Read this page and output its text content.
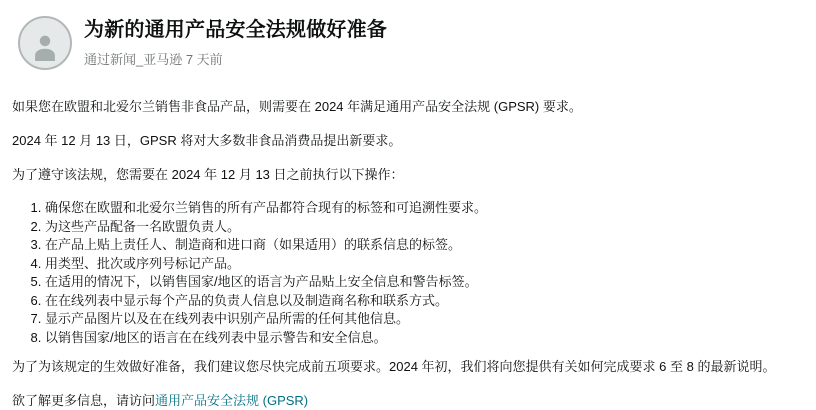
为新的通用产品安全法规做好准备
通过新闻_亚马逊 7 天前

如果您在欧盟和北爱尔兰销售非食品产品，则需要在 2024 年满足通用产品安全法规 (GPSR) 要求。

2024 年 12 月 13 日，GPSR 将对大多数非食品消费品提出新要求。

为了遵守该法规，您需要在 2024 年 12 月 13 日之前执行以下操作：

1. 确保您在欧盟和北爱尔兰销售的所有产品都符合现有的标签和可追溯性要求。
2. 为这些产品配备一名欧盟负责人。
3. 在产品上贴上责任人、制造商和进口商（如果适用）的联系信息的标签。
4. 用类型、批次或序列号标记产品。
5. 在适用的情况下，以销售国家/地区的语言为产品贴上安全信息和警告标签。
6. 在在线列表中显示每个产品的负责人信息以及制造商名称和联系方式。
7. 显示产品图片以及在在线列表中识别产品所需的任何其他信息。
8. 以销售国家/地区的语言在在线列表中显示警告和安全信息。

为了为该规定的生效做好准备，我们建议您尽快完成前五项要求。2024 年初，我们将向您提供有关如何完成要求 6 至 8 的最新说明。

欲了解更多信息，请访问通用产品安全法规 (GPSR)
